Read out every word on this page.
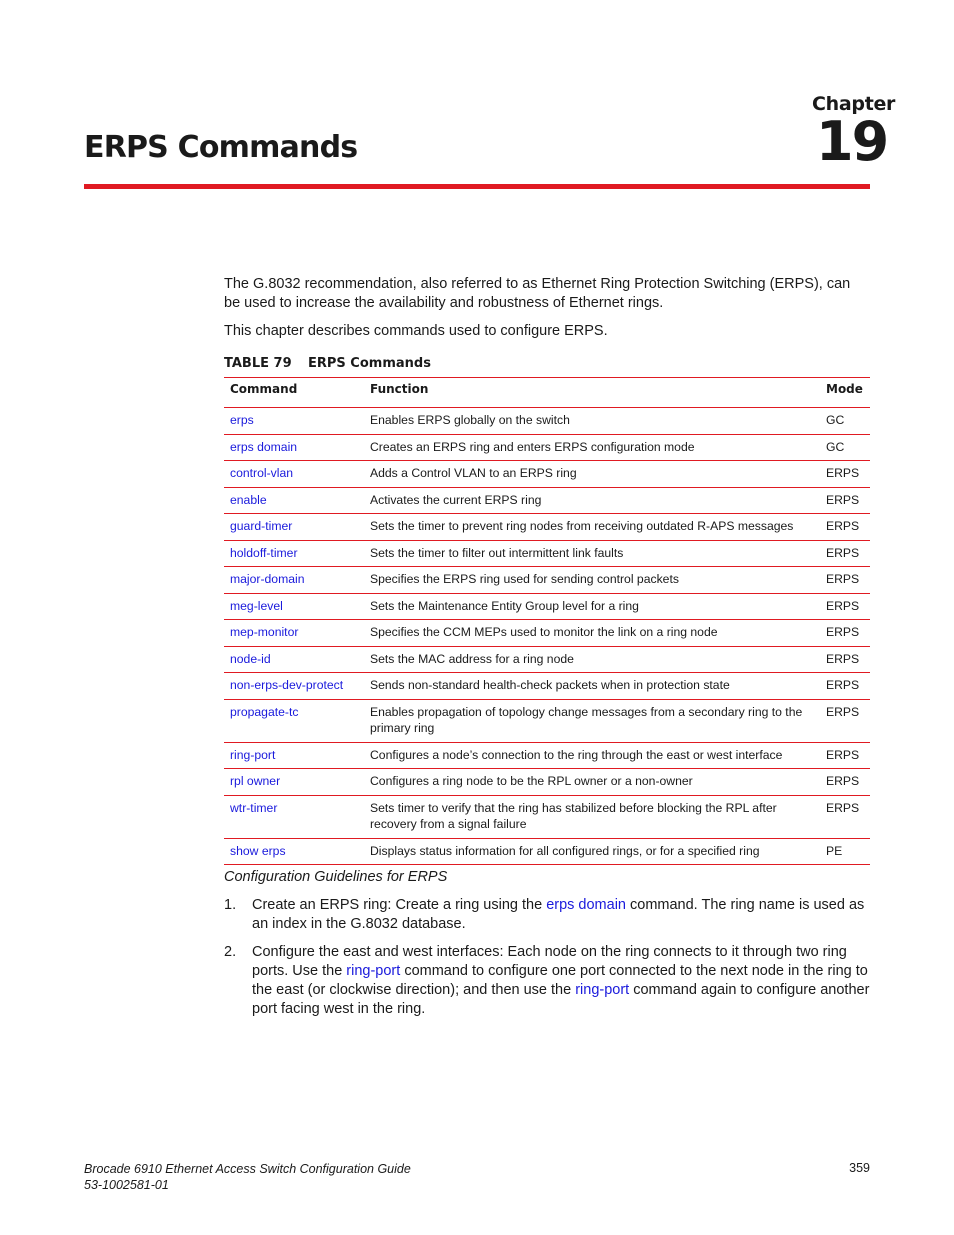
Chapter
19
ERPS Commands

The G.8032 recommendation, also referred to as Ethernet Ring Protection Switching (ERPS), can be used to increase the availability and robustness of Ethernet rings.

This chapter describes commands used to configure ERPS.

TABLE 79 ERPS Commands
Command	Function	Mode
erps	Enables ERPS globally on the switch	GC
erps domain	Creates an ERPS ring and enters ERPS configuration mode	GC
control-vlan	Adds a Control VLAN to an ERPS ring	ERPS
enable	Activates the current ERPS ring	ERPS
guard-timer	Sets the timer to prevent ring nodes from receiving outdated R-APS messages	ERPS
holdoff-timer	Sets the timer to filter out intermittent link faults	ERPS
major-domain	Specifies the ERPS ring used for sending control packets	ERPS
meg-level	Sets the Maintenance Entity Group level for a ring	ERPS
mep-monitor	Specifies the CCM MEPs used to monitor the link on a ring node	ERPS
node-id	Sets the MAC address for a ring node	ERPS
non-erps-dev-protect	Sends non-standard health-check packets when in protection state	ERPS
propagate-tc	Enables propagation of topology change messages from a secondary ring to the primary ring	ERPS
ring-port	Configures a node’s connection to the ring through the east or west interface	ERPS
rpl owner	Configures a ring node to be the RPL owner or a non-owner	ERPS
wtr-timer	Sets timer to verify that the ring has stabilized before blocking the RPL after recovery from a signal failure	ERPS
show erps	Displays status information for all configured rings, or for a specified ring	PE
Configuration Guidelines for ERPS
1.	Create an ERPS ring: Create a ring using the erps domain command. The ring name is used as an index in the G.8032 database.
2.	Configure the east and west interfaces: Each node on the ring connects to it through two ring ports. Use the ring-port command to configure one port connected to the next node in the ring to the east (or clockwise direction); and then use the ring-port command again to configure another port facing west in the ring.
Brocade 6910 Ethernet Access Switch Configuration Guide
53-1002581-01
359
